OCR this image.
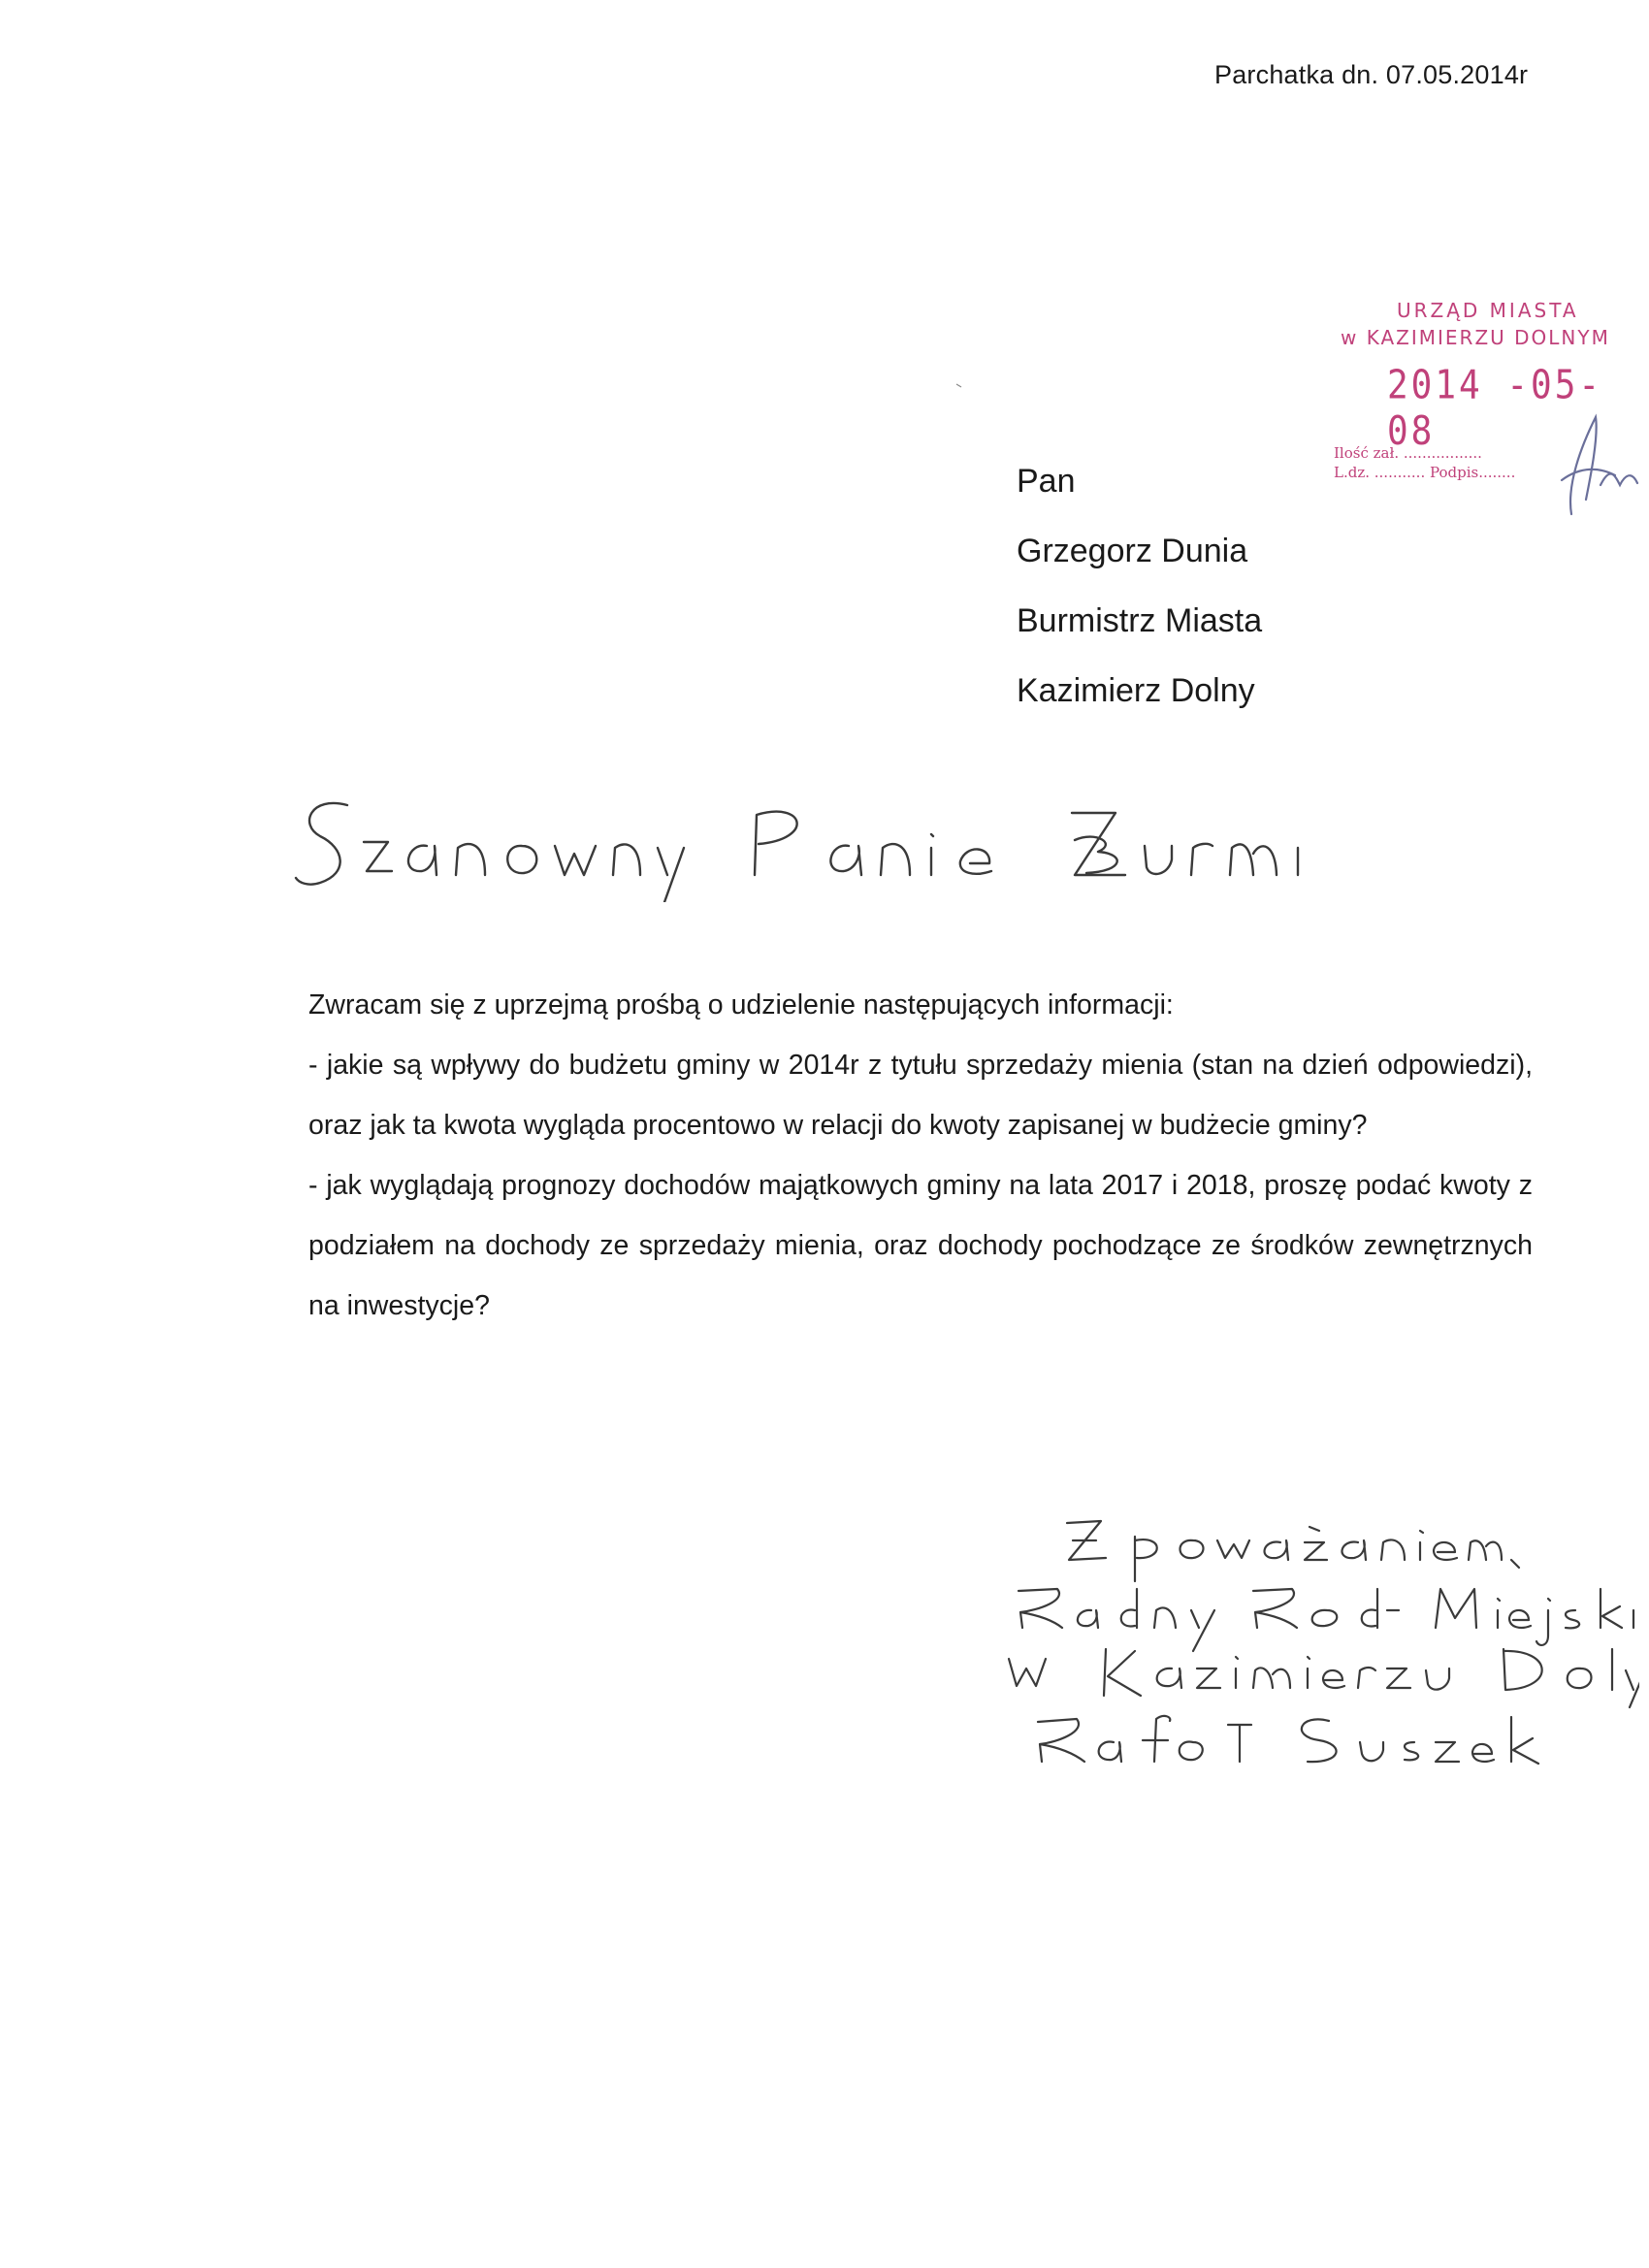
Parchatka dn. 07.05.2014r
URZĄD MIASTA
w KAZIMIERZU DOLNYM
2014 -05- 08
Ilość zał. .................
L.dz. ........... Podpis........
Pan
Grzegorz Dunia
Burmistrz Miasta
Kazimierz Dolny

Zwracam się z uprzejmą prośbą o udzielenie następujących informacji:

- jakie są wpływy do budżetu gminy w 2014r z tytułu sprzedaży mienia (stan na dzień odpowiedzi), oraz jak ta kwota wygląda procentowo w relacji do kwoty zapisanej w budżecie gminy?

- jak wyglądają prognozy dochodów majątkowych gminy na lata 2017 i 2018, proszę podać kwoty z podziałem na dochody ze sprzedaży mienia, oraz dochody pochodzące ze środków zewnętrznych na inwestycje?
